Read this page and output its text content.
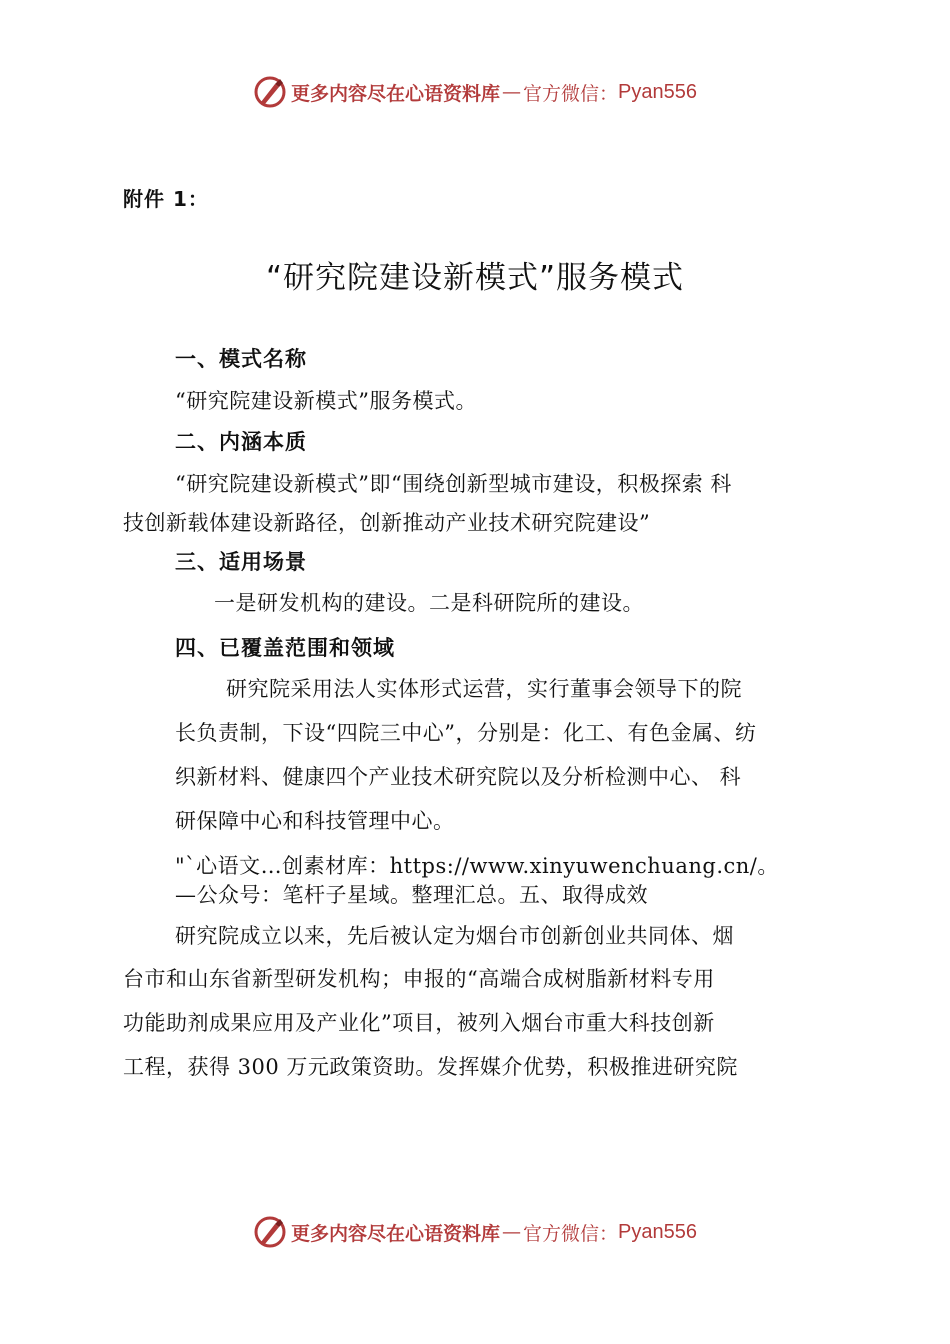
更多内容尽在心语资料库 — 官方微信： Pyan556
附件 1：
“研究院建设新模式”服务模式
一、模式名称
“研究院建设新模式”服务模式。
二、内涵本质
“研究院建设新模式”即“围绕创新型城市建设，积极探索 科
技创新载体建设新路径，创新推动产业技术研究院建设”
三、适用场景
一是研发机构的建设。二是科研院所的建设。
四、已覆盖范围和领域
研究院采用法人实体形式运营，实行董事会领导下的院
长负责制，下设“四院三中心”，分别是：化工、有色金属、纺
织新材料、健康四个产业技术研究院以及分析检测中心、 科
研保障中心和科技管理中心。
"`心语文…创素材库：https://www.xinyuwenchuang.cn/。
—公众号：笔杆子星域。整理汇总。五、取得成效
研究院成立以来，先后被认定为烟台市创新创业共同体、烟
台市和山东省新型研发机构；申报的“高端合成树脂新材料专用
功能助剂成果应用及产业化”项目，被列入烟台市重大科技创新
工程，获得 300 万元政策资助。发挥媒介优势，积极推进研究院
更多内容尽在心语资料库 — 官方微信： Pyan556
